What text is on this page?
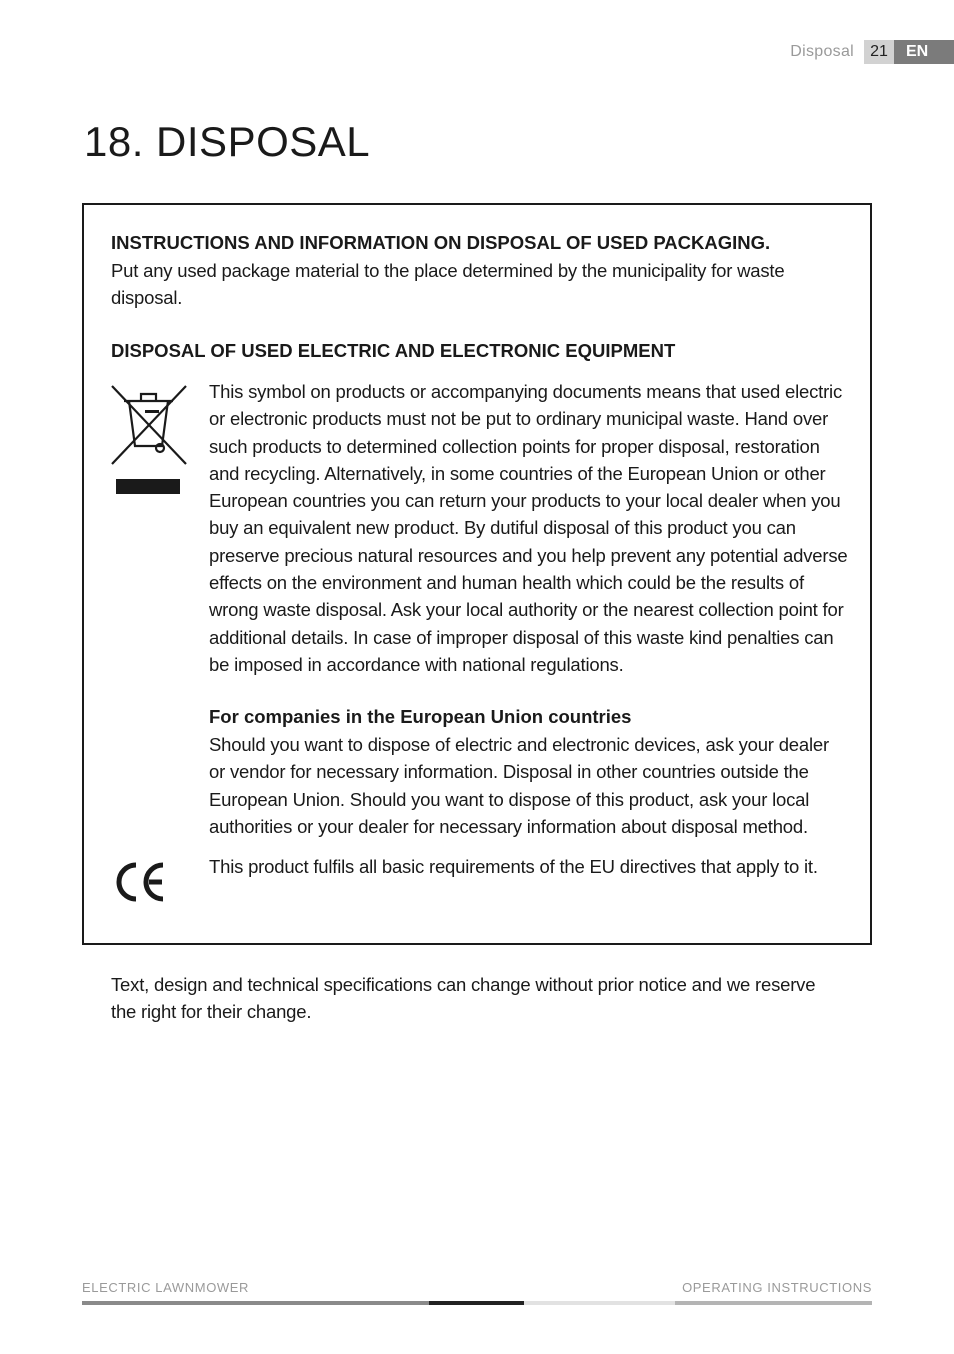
Disposal	21	EN
18. DISPOSAL
INSTRUCTIONS AND INFORMATION ON DISPOSAL OF USED PACKAGING.

Put any used package material to the place determined by the municipality for waste disposal.

DISPOSAL OF USED ELECTRIC AND ELECTRONIC EQUIPMENT

This symbol on products or accompanying documents means that used electric or electronic products must not be put to ordinary municipal waste. Hand over such products to determined collection points for proper disposal, restoration and recycling. Alternatively, in some countries of the European Union or other European countries you can return your products to your local dealer when you buy an equivalent new product. By dutiful disposal of this product you can preserve precious natural resources and you help prevent any potential adverse effects on the environment and human health which could be the results of wrong waste disposal. Ask your local authority or the nearest collection point for additional details. In case of improper disposal of this waste kind penalties can be imposed in accordance with national regulations.

For companies in the European Union countries

Should you want to dispose of electric and electronic devices, ask your dealer or vendor for necessary information. Disposal in other countries outside the European Union. Should you want to dispose of this product, ask your local authorities or your dealer for necessary information about disposal method.

This product fulfils all basic requirements of the EU directives that apply to it.

Text, design and technical specifications can change without prior notice and we reserve the right for their change.

ELECTRIC LAWNMOWER	OPERATING INSTRUCTIONS
